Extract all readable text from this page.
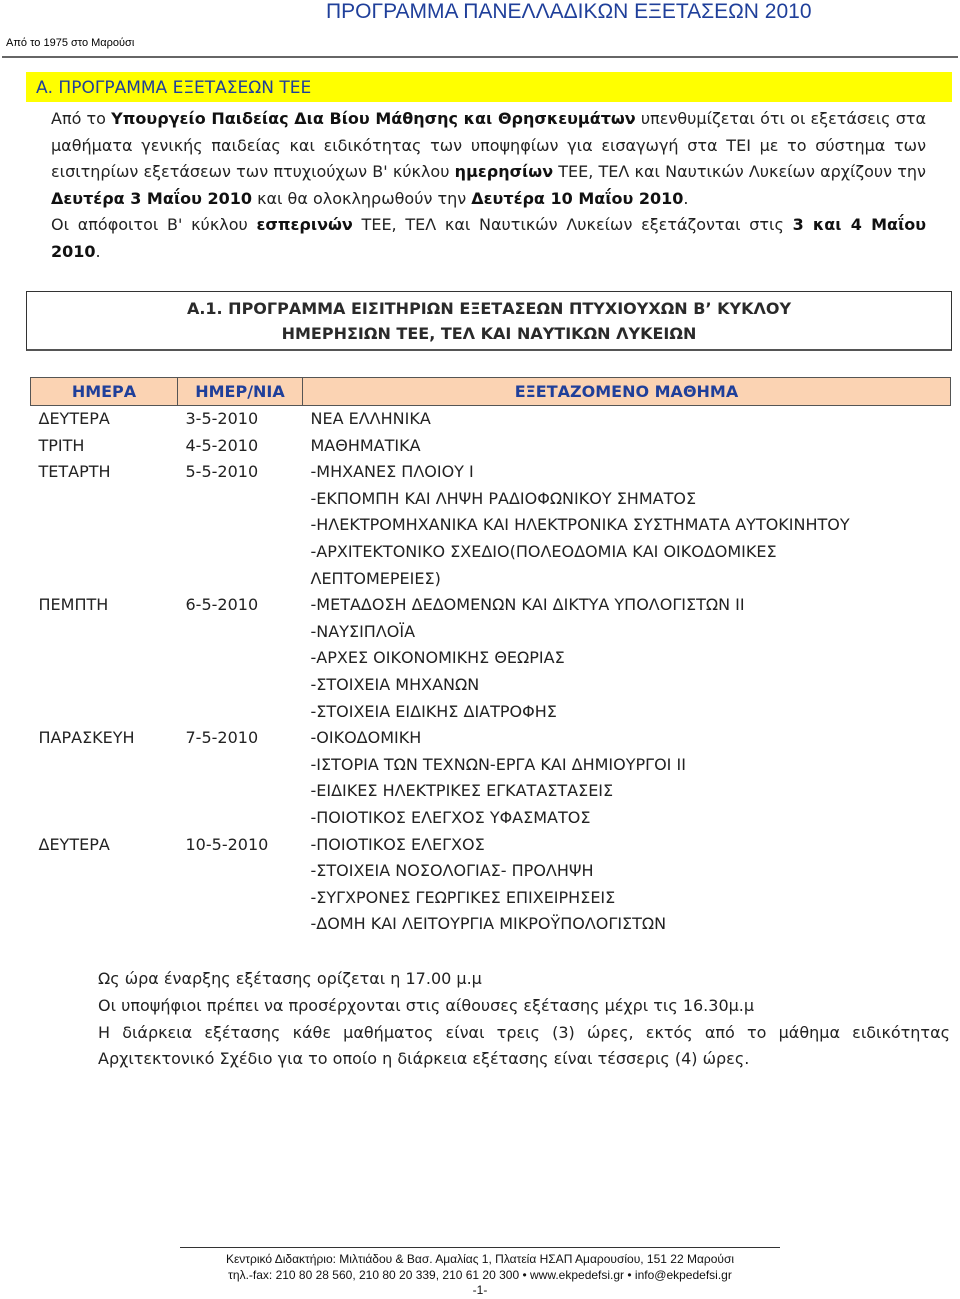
ΠΡΟΓΡΑΜΜΑ ΠΑΝΕΛΛΑΔΙΚΩΝ ΕΞΕΤΑΣΕΩΝ 2010
Από το 1975 στο Μαρούσι
Α. ΠΡΟΓΡΑΜΜΑ ΕΞΕΤΑΣΕΩΝ ΤΕΕ

Από το Υπουργείο Παιδείας Δια Βίου Μάθησης και Θρησκευμάτων υπενθυμίζεται ότι οι εξετάσεις στα μαθήματα γενικής παιδείας και ειδικότητας των υποψηφίων για εισαγωγή στα ΤΕΙ με το σύστημα των εισιτηρίων εξετάσεων των πτυχιούχων Β' κύκλου ημερησίων ΤΕΕ, ΤΕΛ και Ναυτικών Λυκείων αρχίζουν την Δευτέρα 3 Μαΐου 2010 και θα ολοκληρωθούν την Δευτέρα 10 Μαΐου 2010.

Οι απόφοιτοι Β' κύκλου εσπερινών ΤΕΕ, ΤΕΛ και Ναυτικών Λυκείων εξετάζονται στις 3 και 4 Μαΐου 2010.

Α.1. ΠΡΟΓΡΑΜΜΑ ΕΙΣΙΤΗΡΙΩΝ ΕΞΕΤΑΣΕΩΝ ΠΤΥΧΙΟΥΧΩΝ Β’ ΚΥΚΛΟΥ
ΗΜΕΡΗΣΙΩΝ ΤΕΕ, ΤΕΛ ΚΑΙ ΝΑΥΤΙΚΩΝ ΛΥΚΕΙΩΝ
ΗΜΕΡΑ	ΗΜΕΡ/ΝΙΑ	ΕΞΕΤΑΖΟΜΕΝΟ ΜΑΘΗΜΑ
ΔΕΥΤΕΡΑ	3-5-2010	ΝΕΑ ΕΛΛΗΝΙΚΑ

ΤΡΙΤΗ	4-5-2010	ΜΑΘΗΜΑΤΙΚΑ

ΤΕΤΑΡΤΗ	5-5-2010	-ΜΗΧΑΝΕΣ ΠΛΟΙΟΥ Ι
-ΕΚΠΟΜΠΗ ΚΑΙ ΛΗΨΗ ΡΑΔΙΟΦΩΝΙΚΟΥ ΣΗΜΑΤΟΣ
-ΗΛΕΚΤΡΟΜΗΧΑΝΙΚΑ ΚΑΙ ΗΛΕΚΤΡΟΝΙΚΑ ΣΥΣΤΗΜΑΤΑ ΑΥΤΟΚΙΝΗΤΟΥ
-ΑΡΧΙΤΕΚΤΟΝΙΚΟ ΣΧΕΔΙΟ(ΠΟΛΕΟΔΟΜΙΑ ΚΑΙ ΟΙΚΟΔΟΜΙΚΕΣ
ΛΕΠΤΟΜΕΡΕΙΕΣ)

ΠΕΜΠΤΗ	6-5-2010	-ΜΕΤΑΔΟΣΗ ΔΕΔΟΜΕΝΩΝ ΚΑΙ ΔΙΚΤΥΑ ΥΠΟΛΟΓΙΣΤΩΝ ΙΙ
-ΝΑΥΣΙΠΛΟΪΑ
-ΑΡΧΕΣ ΟΙΚΟΝΟΜΙΚΗΣ ΘΕΩΡΙΑΣ
-ΣΤΟΙΧΕΙΑ ΜΗΧΑΝΩΝ
-ΣΤΟΙΧΕΙΑ ΕΙΔΙΚΗΣ ΔΙΑΤΡΟΦΗΣ

ΠΑΡΑΣΚΕΥΗ	7-5-2010	-ΟΙΚΟΔΟΜΙΚΗ
-ΙΣΤΟΡΙΑ ΤΩΝ ΤΕΧΝΩΝ-ΕΡΓΑ ΚΑΙ ΔΗΜΙΟΥΡΓΟΙ ΙΙ
-ΕΙΔΙΚΕΣ ΗΛΕΚΤΡΙΚΕΣ ΕΓΚΑΤΑΣΤΑΣΕΙΣ
-ΠΟΙΟΤΙΚΟΣ ΕΛΕΓΧΟΣ ΥΦΑΣΜΑΤΟΣ

ΔΕΥΤΕΡΑ	10-5-2010	-ΠΟΙΟΤΙΚΟΣ ΕΛΕΓΧΟΣ
-ΣΤΟΙΧΕΙΑ ΝΟΣΟΛΟΓΙΑΣ- ΠΡΟΛΗΨΗ
-ΣΥΓΧΡΟΝΕΣ ΓΕΩΡΓΙΚΕΣ ΕΠΙΧΕΙΡΗΣΕΙΣ
-ΔΟΜΗ ΚΑΙ ΛΕΙΤΟΥΡΓΙΑ ΜΙΚΡΟΫΠΟΛΟΓΙΣΤΩΝ
Ως ώρα έναρξης εξέτασης ορίζεται η 17.00 μ.μ
Οι υποψήφιοι πρέπει να προσέρχονται στις αίθουσες εξέτασης μέχρι τις 16.30μ.μ
Η διάρκεια εξέτασης κάθε μαθήματος είναι τρεις (3) ώρες, εκτός από το μάθημα ειδικότητας
Αρχιτεκτονικό Σχέδιο για το οποίο η διάρκεια εξέτασης είναι τέσσερις (4) ώρες.
Κεντρικό Διδακτήριο: Μιλτιάδου & Βασ. Αμαλίας 1, Πλατεία ΗΣΑΠ Αμαρουσίου, 151 22 Μαρούσι
τηλ.-fax: 210 80 28 560, 210 80 20 339, 210 61 20 300 • www.ekpedefsi.gr • info@ekpedefsi.gr
-1-
